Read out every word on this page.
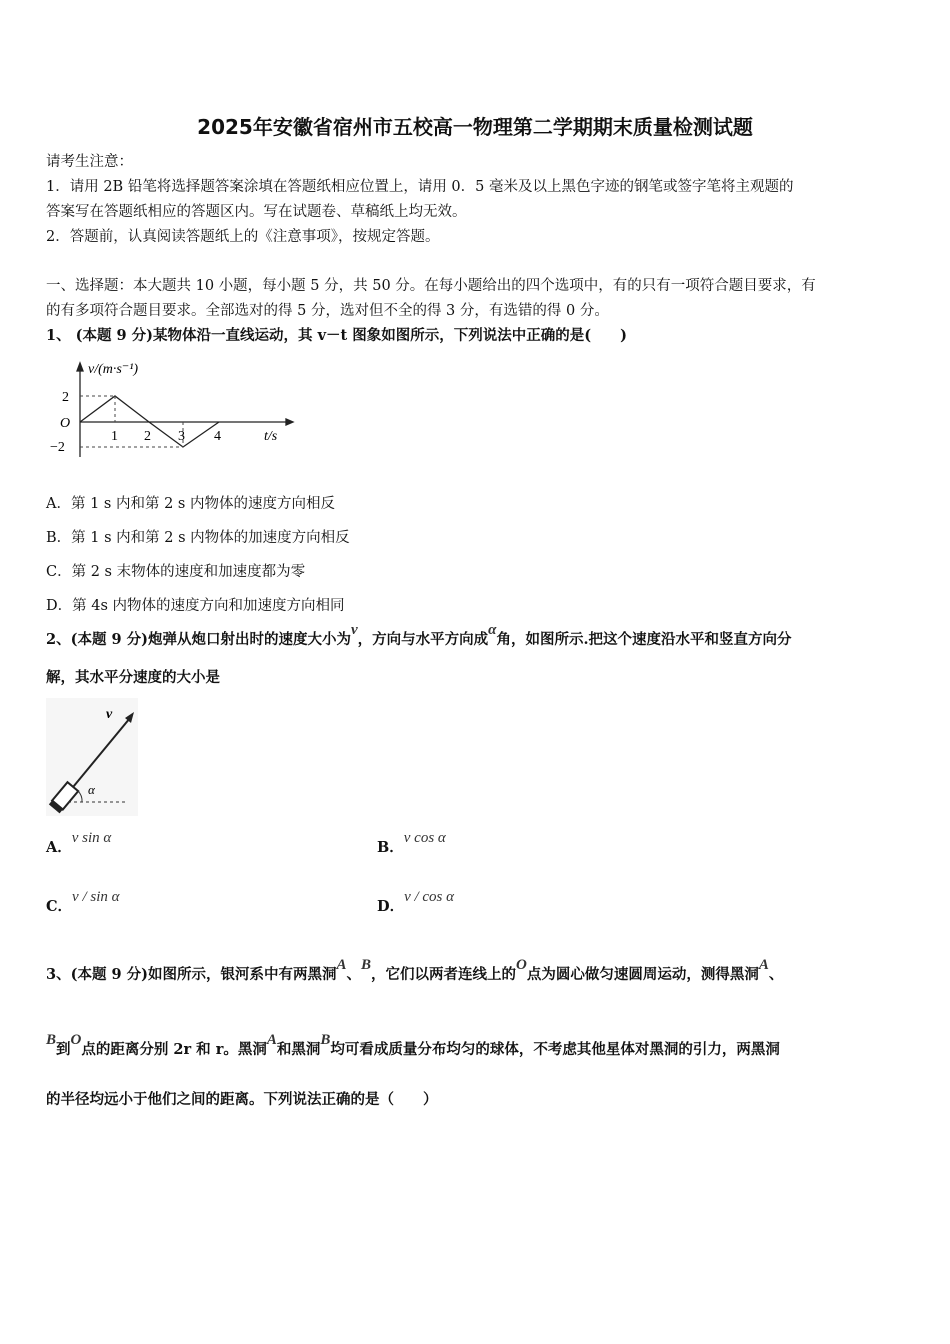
2025年安徽省宿州市五校高一物理第二学期期末质量检测试题
请考生注意：
1．请用 2B 铅笔将选择题答案涂填在答题纸相应位置上，请用 0．5 毫米及以上黑色字迹的钢笔或签字笔将主观题的
答案写在答题纸相应的答题区内。写在试题卷、草稿纸上均无效。
2．答题前，认真阅读答题纸上的《注意事项》，按规定答题。
一、选择题：本大题共 10 小题，每小题 5 分，共 50 分。在每小题给出的四个选项中，有的只有一项符合题目要求，有
的有多项符合题目要求。全部选对的得 5 分，选对但不全的得 3 分，有选错的得 0 分。
1、 (本题 9 分)某物体沿一直线运动，其 v－t 图象如图所示，下列说法中正确的是(　　)
v/(m·s⁻¹)
t/s
O
2
−2
1 2 3 4
A．第 1 s 内和第 2 s 内物体的速度方向相反
B．第 1 s 内和第 2 s 内物体的加速度方向相反
C．第 2 s 末物体的速度和加速度都为零
D．第 4s 内物体的速度方向和加速度方向相同
2、(本题 9 分)炮弹从炮口射出时的速度大小为v，方向与水平方向成α角，如图所示.把这个速度沿水平和竖直方向分
解，其水平分速度的大小是
v
α
A．v sin α
B．v cos α
C．v / sin α
D．v / cos α
3、(本题 9 分)如图所示，银河系中有两黑洞A、B，它们以两者连线上的O点为圆心做匀速圆周运动，测得黑洞A、
B到O点的距离分别 2r 和 r。黑洞A和黑洞B均可看成质量分布均匀的球体，不考虑其他星体对黑洞的引力，两黑洞
的半径均远小于他们之间的距离。下列说法正确的是（　　）
